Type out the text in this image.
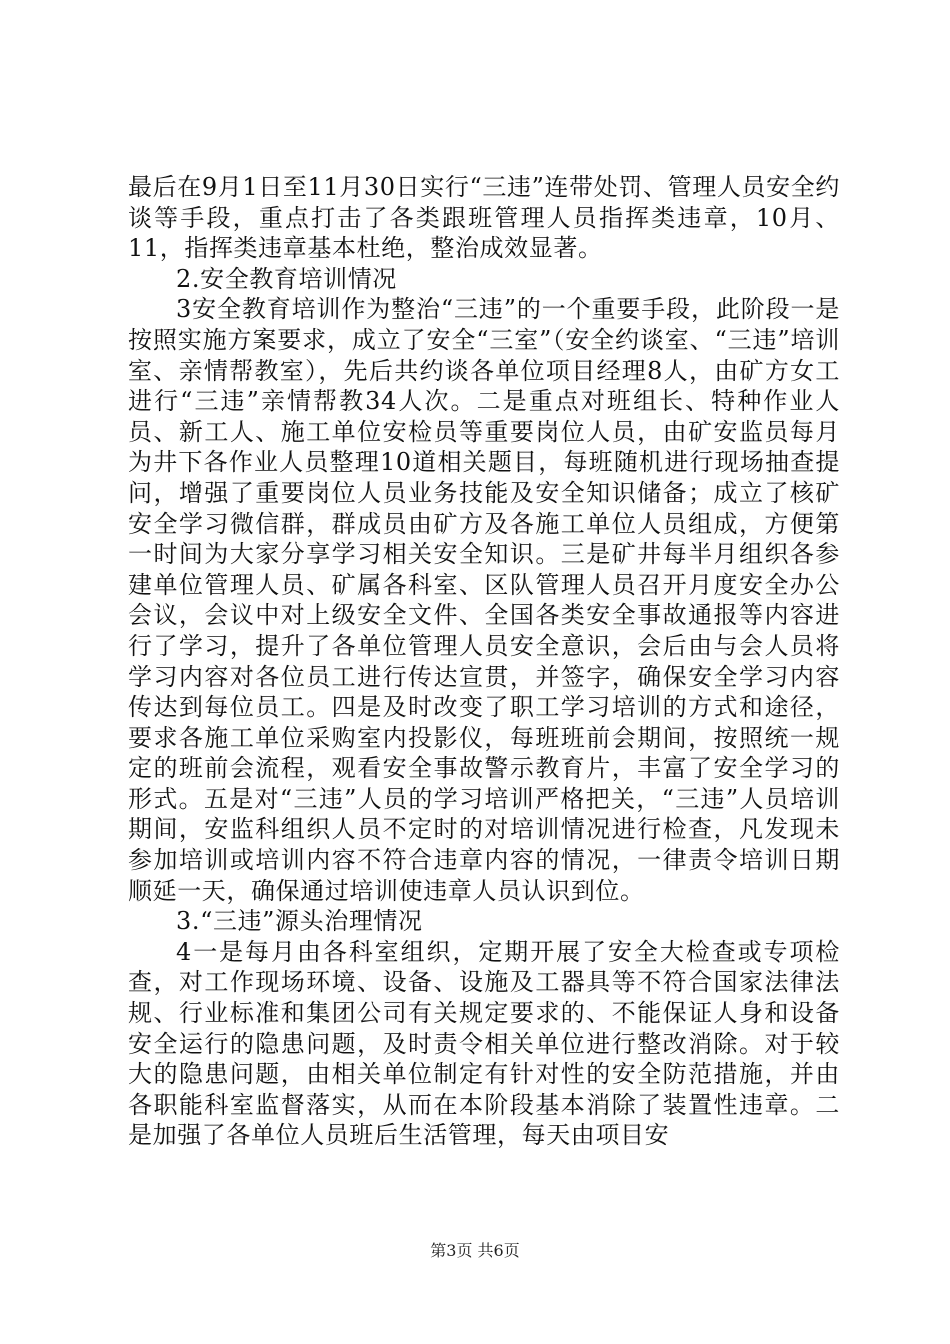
最后在9月1日至11月30日实行“三违”连带处罚、管理人员安全约谈等手段，重点打击了各类跟班管理人员指挥类违章，10月、11，指挥类违章基本杜绝，整治成效显著。

2.安全教育培训情况

3安全教育培训作为整治“三违”的一个重要手段，此阶段一是按照实施方案要求，成立了安全“三室”（安全约谈室、“三违”培训室、亲情帮教室），先后共约谈各单位项目经理8人，由矿方女工进行“三违”亲情帮教34人次。二是重点对班组长、特种作业人员、新工人、施工单位安检员等重要岗位人员，由矿安监员每月为井下各作业人员整理10道相关题目，每班随机进行现场抽查提问，增强了重要岗位人员业务技能及安全知识储备；成立了核矿安全学习微信群，群成员由矿方及各施工单位人员组成，方便第一时间为大家分享学习相关安全知识。三是矿井每半月组织各参建单位管理人员、矿属各科室、区队管理人员召开月度安全办公会议，会议中对上级安全文件、全国各类安全事故通报等内容进行了学习，提升了各单位管理人员安全意识，会后由与会人员将学习内容对各位员工进行传达宣贯，并签字，确保安全学习内容传达到每位员工。四是及时改变了职工学习培训的方式和途径，要求各施工单位采购室内投影仪，每班班前会期间，按照统一规定的班前会流程，观看安全事故警示教育片，丰富了安全学习的形式。五是对“三违”人员的学习培训严格把关，“三违”人员培训期间，安监科组织人员不定时的对培训情况进行检查，凡发现未参加培训或培训内容不符合违章内容的情况，一律责令培训日期顺延一天，确保通过培训使违章人员认识到位。

3.“三违”源头治理情况

4一是每月由各科室组织，定期开展了安全大检查或专项检查，对工作现场环境、设备、设施及工器具等不符合国家法律法规、行业标准和集团公司有关规定要求的、不能保证人身和设备安全运行的隐患问题，及时责令相关单位进行整改消除。对于较大的隐患问题，由相关单位制定有针对性的安全防范措施，并由各职能科室监督落实，从而在本阶段基本消除了装置性违章。二是加强了各单位人员班后生活管理，每天由项目安

第3页 共6页
